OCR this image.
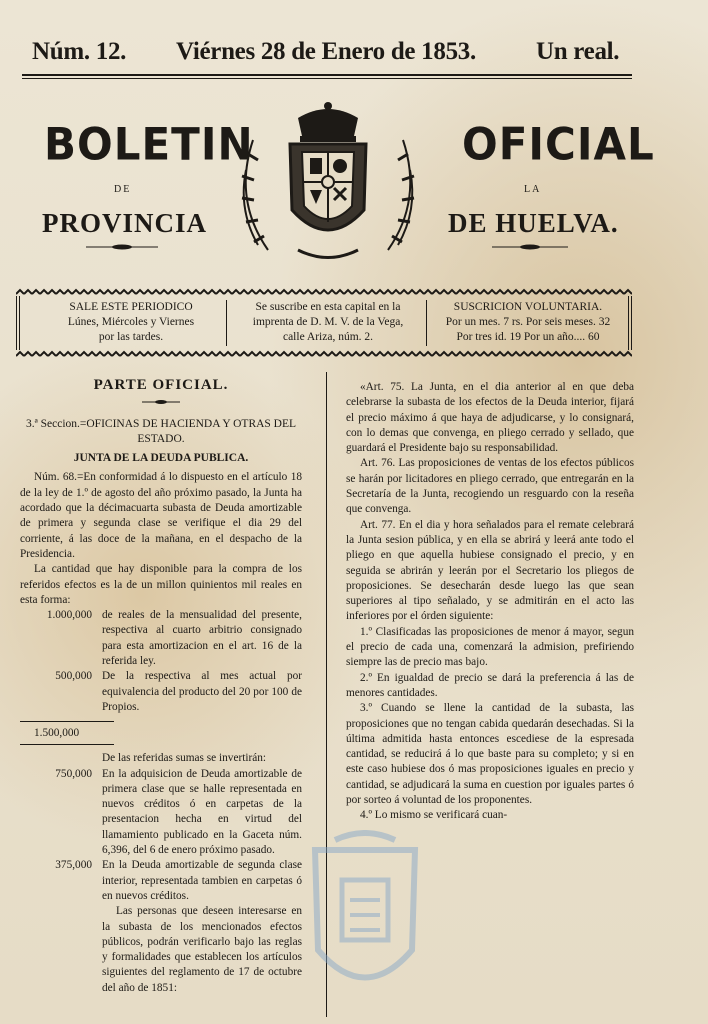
Núm. 12. Viérnes 28 de Enero de 1853. Un real.
BOLETIN	OFICIAL
DE	LA
PROVINCIA	DE HUELVA.
SALE ESTE PERIODICO
Lúnes, Miércoles y Viernes
por las tardes.
Se suscribe en esta capital en la
imprenta de D. M. V. de la Vega,
calle Ariza, núm. 2.
SUSCRICION VOLUNTARIA.
Por un mes. 7 rs. Por seis meses. 32
Por tres id. 19 Por un año.... 60
PARTE OFICIAL.
3.ª Seccion.=OFICINAS DE HACIENDA Y OTRAS DEL ESTADO.
JUNTA DE LA DEUDA PUBLICA.

Núm. 68.=En conformidad á lo dispuesto en el artículo 18 de la ley de 1.º de agosto del año próximo pasado, la Junta ha acordado que la décimacuarta subasta de Deuda amortizable de primera y segunda clase se verifique el dia 29 del corriente, á las doce de la mañana, en el despacho de la Presidencia.

La cantidad que hay disponible para la compra de los referidos efectos es la de un millon quinientos mil reales en esta forma:

1.000,000 de reales de la mensualidad del presente, respectiva al cuarto arbitrio consignado para esta amortizacion en el art. 16 de la referida ley.
500,000 De la respectiva al mes actual por equivalencia del producto del 20 por 100 de Propios.
1.500,000
De las referidas sumas se invertirán:
750,000 En la adquisicion de Deuda amortizable de primera clase que se halle representada en nuevos créditos ó en carpetas de la presentacion hecha en virtud del llamamiento publicado en la Gaceta núm. 6,396, del 6 de enero próximo pasado.
375,000 En la Deuda amortizable de segunda clase interior, representada tambien en carpetas ó en nuevos créditos.
Las personas que deseen interesarse en la subasta de los mencionados efectos públicos, podrán verificarlo bajo las reglas y formalidades que establecen los artículos siguientes del reglamento de 17 de octubre del año de 1851:

«Art. 75. La Junta, en el dia anterior al en que deba celebrarse la subasta de los efectos de la Deuda interior, fijará el precio máximo á que haya de adjudicarse, y lo consignará, con lo demas que convenga, en pliego cerrado y sellado, que guardará el Presidente bajo su responsabilidad.

Art. 76. Las proposiciones de ventas de los efectos públicos se harán por licitadores en pliego cerrado, que entregarán en la Secretaría de la Junta, recogiendo un resguardo con la reseña que convenga.

Art. 77. En el dia y hora señalados para el remate celebrará la Junta sesion pública, y en ella se abrirá y leerá ante todo el pliego en que aquella hubiese consignado el precio, y en seguida se abrirán y leerán por el Secretario los pliegos de proposiciones. Se desecharán desde luego las que sean superiores al tipo señalado, y se admitirán en el acto las inferiores por el órden siguiente:

1.º Clasificadas las proposiciones de menor á mayor, segun el precio de cada una, comenzará la admision, prefiriendo siempre las de precio mas bajo.

2.º En igualdad de precio se dará la preferencia á las de menores cantidades.

3.º Cuando se llene la cantidad de la subasta, las proposiciones que no tengan cabida quedarán desechadas. Si la última admitida hasta entonces escediese de la espresada cantidad, se reducirá á lo que baste para su completo; y si en este caso hubiese dos ó mas proposiciones iguales en precio y cantidad, se adjudicará la suma en cuestion por iguales partes ó por sorteo á voluntad de los proponentes.

4.º Lo mismo se verificará cuan-
